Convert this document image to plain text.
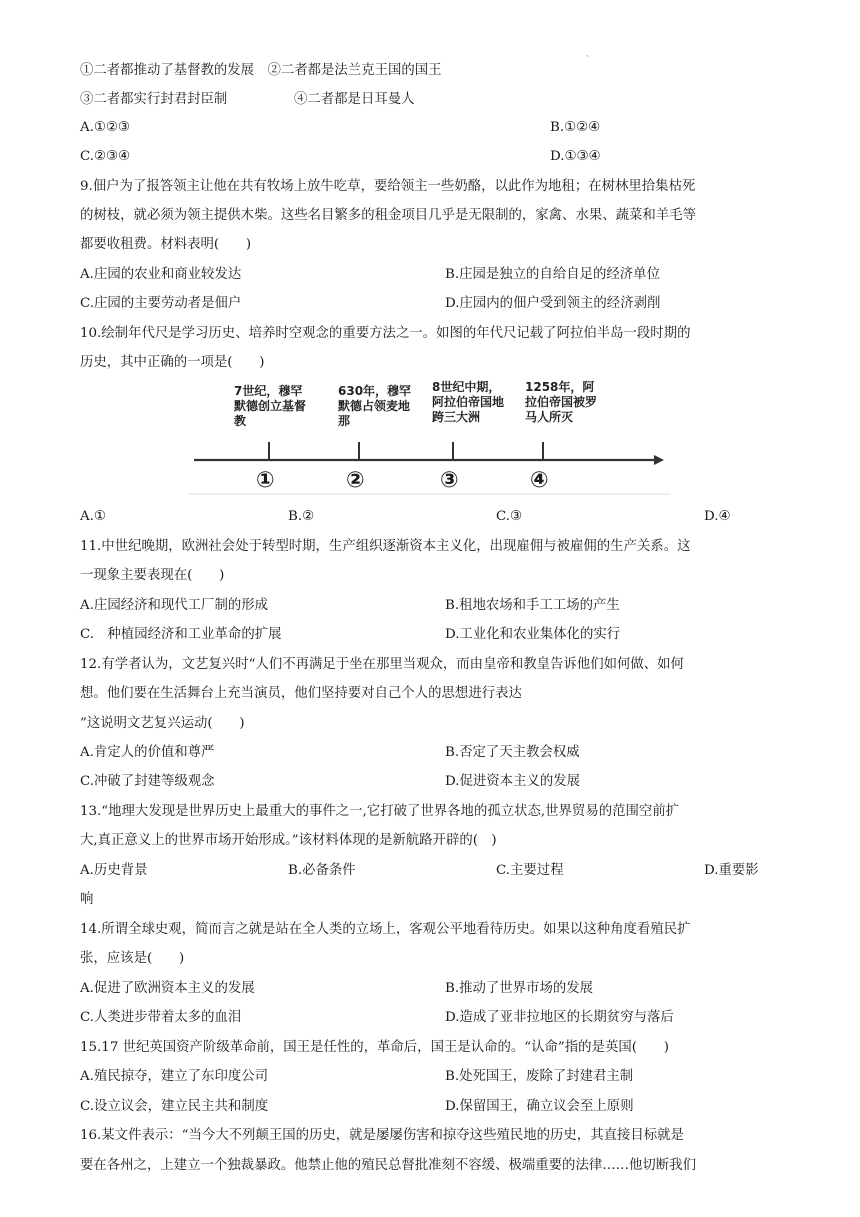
·
①二者都推动了基督教的发展　②二者都是法兰克王国的国王
③二者都实行封君封臣制	④二者都是日耳曼人
A.①②③	B.①②④
C.②③④	D.①③④
9.佃户为了报答领主让他在共有牧场上放牛吃草，要给领主一些奶酪，以此作为地租；在树林里拾集枯死
的树枝，就必须为领主提供木柴。这些名目繁多的租金项目几乎是无限制的，家禽、水果、蔬菜和羊毛等
都要收租费。材料表明(　　)
A.庄园的农业和商业较发达	B.庄园是独立的自给自足的经济单位
C.庄园的主要劳动者是佃户	D.庄园内的佃户受到领主的经济剥削
10.绘制年代尺是学习历史、培养时空观念的重要方法之一。如图的年代尺记载了阿拉伯半岛一段时期的
历史，其中正确的一项是(　　)
7世纪，穆罕默德创立基督教
630年，穆罕默德占领麦地那
8世纪中期，阿拉伯帝国地跨三大洲
1258年，阿拉伯帝国被罗马人所灭
①	②	③	④
A.①	B.②	C.③	D.④
11.中世纪晚期，欧洲社会处于转型时期，生产组织逐渐资本主义化，出现雇佣与被雇佣的生产关系。这
一现象主要表现在(　　)
A.庄园经济和现代工厂制的形成	B.租地农场和手工工场的产生
C.　种植园经济和工业革命的扩展	D.工业化和农业集体化的实行
12.有学者认为，文艺复兴时“人们不再满足于坐在那里当观众，而由皇帝和教皇告诉他们如何做、如何
想。他们要在生活舞台上充当演员，他们坚持要对自己个人的思想进行表达
”这说明文艺复兴运动(　　)
A.肯定人的价值和尊严	B.否定了天主教会权威
C.冲破了封建等级观念	D.促进资本主义的发展
13.“地理大发现是世界历史上最重大的事件之一,它打破了世界各地的孤立状态,世界贸易的范围空前扩
大,真正意义上的世界市场开始形成。”该材料体现的是新航路开辟的(　)
A.历史背景	B.必备条件	C.主要过程	D.重要影
响
14.所谓全球史观，简而言之就是站在全人类的立场上，客观公平地看待历史。如果以这种角度看殖民扩
张，应该是(　　)
A.促进了欧洲资本主义的发展	B.推动了世界市场的发展
C.人类进步带着太多的血泪	D.造成了亚非拉地区的长期贫穷与落后
15.17 世纪英国资产阶级革命前，国王是任性的，革命后，国王是认命的。“认命”指的是英国(　　)
A.殖民掠夺，建立了东印度公司	B.处死国王，废除了封建君主制
C.设立议会，建立民主共和制度	D.保留国王，确立议会至上原则
16.某文件表示：“当今大不列颠王国的历史，就是屡屡伤害和掠夺这些殖民地的历史，其直接目标就是
要在各州之，上建立一个独裁暴政。他禁止他的殖民总督批准刻不容缓、极端重要的法律……他切断我们
